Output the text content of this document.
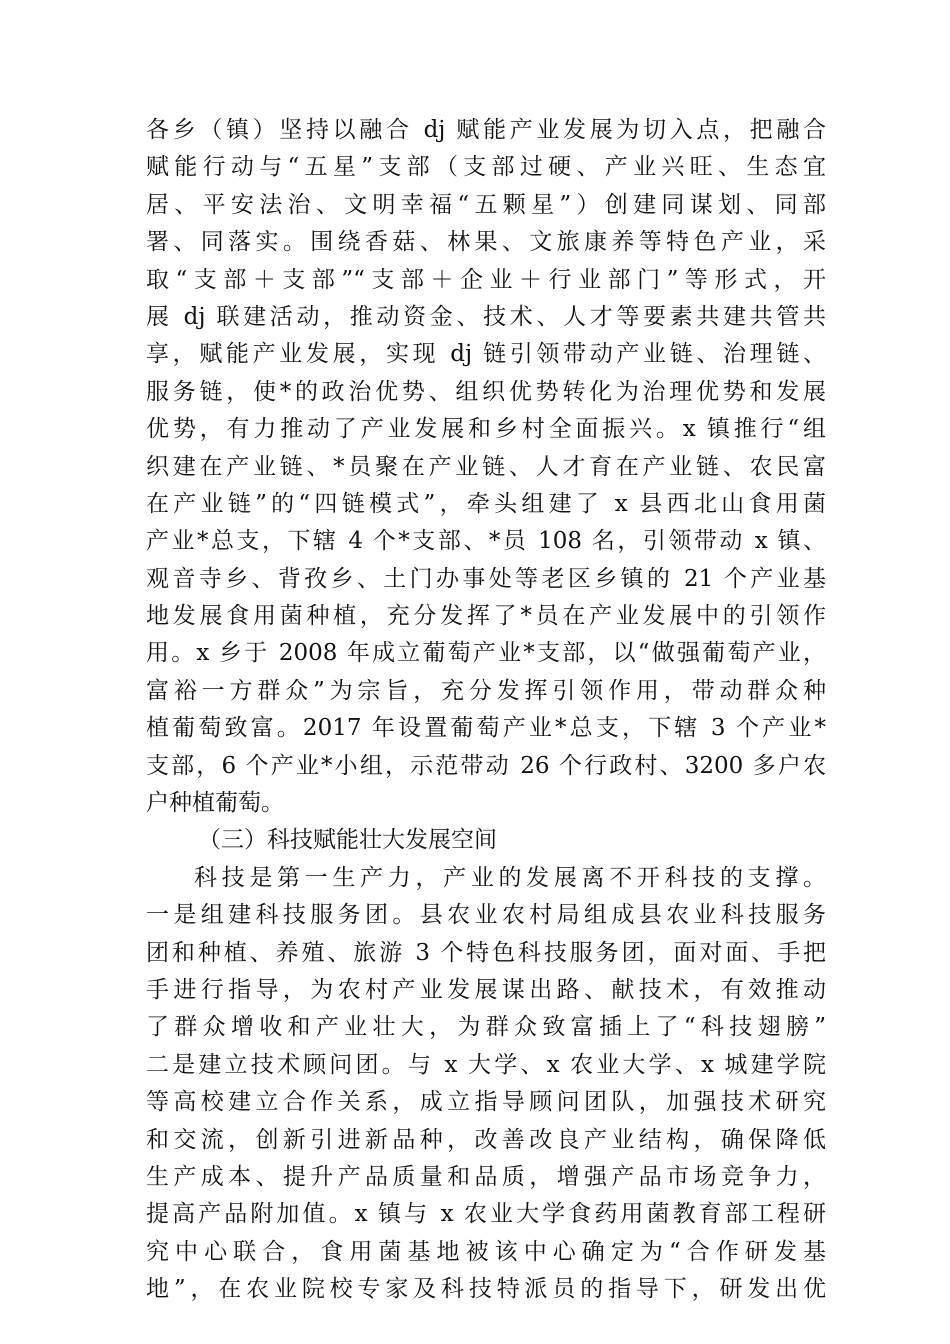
各乡（镇）坚持以融合 dj 赋能产业发展为切入点，把融合
赋能行动与“五星”支部（支部过硬、产业兴旺、生态宜
居、平安法治、文明幸福“五颗星”）创建同谋划、同部
署、同落实。围绕香菇、林果、文旅康养等特色产业，采
取“支部＋支部”“支部＋企业＋行业部门”等形式，开
展 dj 联建活动，推动资金、技术、人才等要素共建共管共
享，赋能产业发展，实现 dj 链引领带动产业链、治理链、
服务链，使*的政治优势、组织优势转化为治理优势和发展
优势，有力推动了产业发展和乡村全面振兴。x 镇推行“组
织建在产业链、*员聚在产业链、人才育在产业链、农民富
在产业链”的“四链模式”，牵头组建了 x 县西北山食用菌
产业*总支，下辖 4 个*支部、*员 108 名，引领带动 x 镇、
观音寺乡、背孜乡、土门办事处等老区乡镇的 21 个产业基
地发展食用菌种植，充分发挥了*员在产业发展中的引领作
用。x 乡于 2008 年成立葡萄产业*支部，以“做强葡萄产业，
富裕一方群众”为宗旨，充分发挥引领作用，带动群众种
植葡萄致富。2017 年设置葡萄产业*总支，下辖 3 个产业*
支部，6 个产业*小组，示范带动 26 个行政村、3200 多户农
户种植葡萄。
（三）科技赋能壮大发展空间
科技是第一生产力，产业的发展离不开科技的支撑。
一是组建科技服务团。县农业农村局组成县农业科技服务
团和种植、养殖、旅游 3 个特色科技服务团，面对面、手把
手进行指导，为农村产业发展谋出路、献技术，有效推动
了群众增收和产业壮大，为群众致富插上了“科技翅膀”
二是建立技术顾问团。与 x 大学、x 农业大学、x 城建学院
等高校建立合作关系，成立指导顾问团队，加强技术研究
和交流，创新引进新品种，改善改良产业结构，确保降低
生产成本、提升产品质量和品质，增强产品市场竞争力，
提高产品附加值。x 镇与 x 农业大学食药用菌教育部工程研
究中心联合，食用菌基地被该中心确定为“合作研发基
地”，在农业院校专家及科技特派员的指导下，研发出优
